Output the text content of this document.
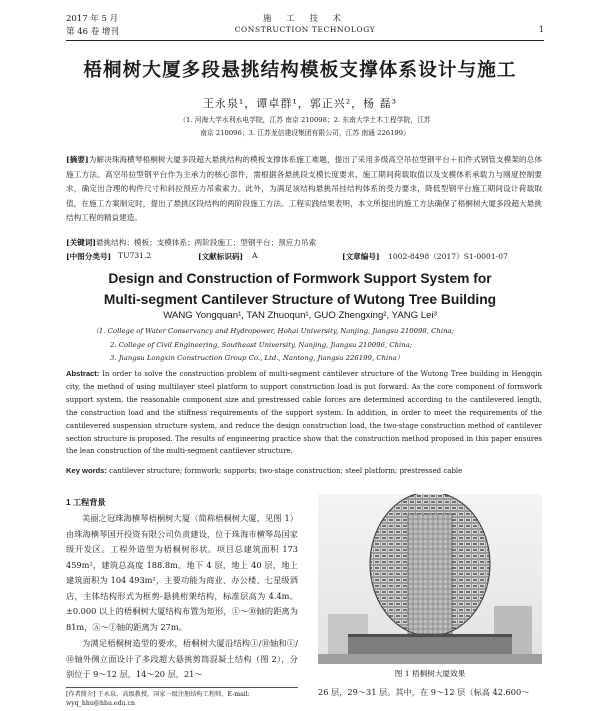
2017 年 5 月
第 46 卷 增刊
施 工 技 术
CONSTRUCTION TECHNOLOGY	1
梧桐树大厦多段悬挑结构模板支撑体系设计与施工
王永泉¹，谭卓群¹，郭正兴²，杨 磊³
（1. 河海大学水利水电学院，江苏 南京 210098；2. 东南大学土木工程学院，江苏
南京 210096；3. 江苏龙信建设集团有限公司，江苏 南通 226199）
[摘要]为解决珠海横琴梧桐树大厦多段超大悬挑结构的模板支撑体系施工难题，提出了采用多级高空吊拉型钢平台＋扣件式钢管支模架的总体施工方法。高空吊拉型钢平台作为主承力的核心部件，需根据各悬挑段支模长度要求、施工期间荷载取值以及支模体系承载力与刚度控制要求，确定出合理的构件尺寸和斜拉预应力吊索索力。此外，为满足该结构悬挑吊挂结构体系的受力要求，降低型钢平台施工期间设计荷载取值，在施工方案制定时，提出了悬挑区段结构的两阶段施工方法。工程实践结果表明，本文所提出的施工方法确保了梧桐树大厦多段超大悬挑结构工程的精益建造。
[关键词]悬挑结构；模板；支模体系；两阶段施工；型钢平台；预应力吊索
[中图分类号] TU731.2	[文献标识码] A	[文章编号] 1002-8498（2017）S1-0001-07
Design and Construction of Formwork Support System for
Multi-segment Cantilever Structure of Wutong Tree Building
WANG Yongquan¹, TAN Zhuoqun¹, GUO Zhengxing², YANG Lei³
（1. College of Water Conservancy and Hydropower, Hohai University, Nanjing, Jiangsu 210098, China;
2. College of Civil Engineering, Southeast University, Nanjing, Jiangsu 210096, China;
3. Jiangsu Longxin Construction Group Co., Ltd., Nantong, Jiangsu 226199, China）
Abstract: In order to solve the construction problem of multi-segment cantilever structure of the Wutong Tree building in Hengqin city, the method of using multilayer steel platform to support construction load is put forward. As the core component of formwork support system, the reasonable component size and prestressed cable forces are determined according to the cantilevered length, the construction load and the stiffness requirements of the support system. In addition, in order to meet the requirements of the cantilevered suspension structure system, and reduce the design construction load, the two-stage construction method of cantilever section structure is proposed. The results of engineering practice show that the construction method proposed in this paper ensures the lean construction of the multi-segment cantilever structure.
Key words: cantilever structure; formwork; supports; two-stage construction; steel platform; prestressed cable
1 工程背景
美丽之冠珠海横琴梧桐树大厦（简称梧桐树大厦，见图 1）由珠海横琴国开投资有限公司负责建设，位于珠海市横琴岛国家级开发区。工程外造型为梧桐树形状。项目总建筑面积 173 459m²，建筑总高度 188.8m。地下 4 层，地上 40 层，地上建筑面积为 104 493m²，主要功能为商业、办公楼、七星级酒店，主体结构形式为框剪-悬挑桁架结构，标准层高为 4.4m。±0.000 以上的梧桐树大厦结构布置为矩形，①～⑩轴的距离为 81m，Ⓐ～Ⓘ轴的距离为 27m。
为满足梧桐树造型的要求，梧桐树大厦沿结构①/⑩轴和①/⑩轴外侧立面设计了多段超大悬挑剪筒混凝土结构（图 2），分别位于 9～12 层，14～20 层，21～
[作者简介] 王永泉，高级教授，国家一级注册结构工程师，E-mail: wyq_hhu@hhu.edu.cn
图 1 梧桐树大厦效果
26 层，29～31 层。其中，在 9～12 层（标高 42.600～
